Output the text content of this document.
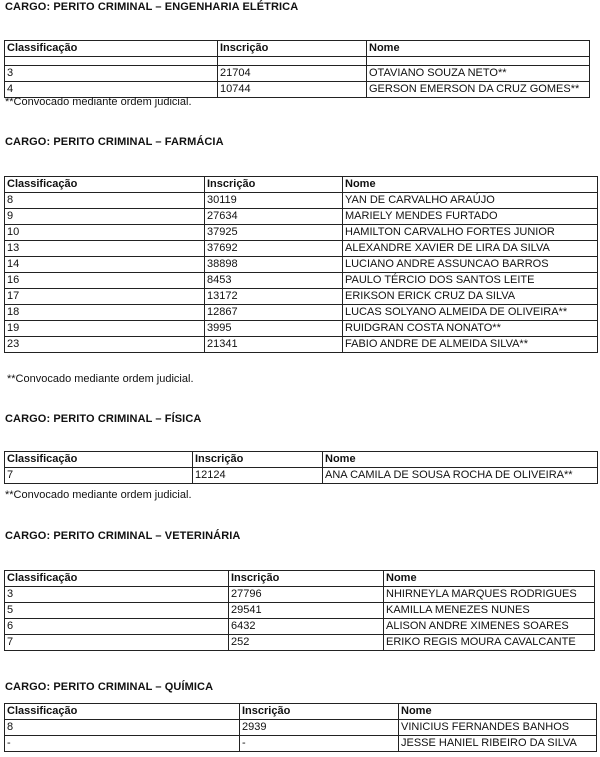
CARGO: PERITO CRIMINAL – ENGENHARIA ELÉTRICA
Classificação	Inscrição	Nome

3	21704	OTAVIANO SOUZA NETO**
4	10744	GERSON EMERSON DA CRUZ GOMES**

**Convocado mediante ordem judicial.

CARGO: PERITO CRIMINAL – FARMÁCIA
Classificação	Inscrição	Nome
8	30119	YAN DE CARVALHO ARAÚJO
9	27634	MARIELY MENDES FURTADO
10	37925	HAMILTON CARVALHO FORTES JUNIOR
13	37692	ALEXANDRE XAVIER DE LIRA DA SILVA
14	38898	LUCIANO ANDRE ASSUNCAO BARROS
16	8453	PAULO TÉRCIO DOS SANTOS LEITE
17	13172	ERIKSON ERICK CRUZ DA SILVA
18	12867	LUCAS SOLYANO ALMEIDA DE OLIVEIRA**
19	3995	RUIDGRAN COSTA NONATO**
23	21341	FABIO ANDRE DE ALMEIDA SILVA**

**Convocado mediante ordem judicial.

CARGO: PERITO CRIMINAL – FÍSICA
Classificação	Inscrição	Nome
7	12124	ANA CAMILA DE SOUSA ROCHA DE OLIVEIRA**

**Convocado mediante ordem judicial.

CARGO: PERITO CRIMINAL – VETERINÁRIA
Classificação	Inscrição	Nome
3	27796	NHIRNEYLA MARQUES RODRIGUES
5	29541	KAMILLA MENEZES NUNES
6	6432	ALISON ANDRE XIMENES SOARES
7	252	ERIKO REGIS MOURA CAVALCANTE
CARGO: PERITO CRIMINAL – QUÍMICA
Classificação	Inscrição	Nome
8	2939	VINICIUS FERNANDES BANHOS
-	-	JESSE HANIEL RIBEIRO DA SILVA
